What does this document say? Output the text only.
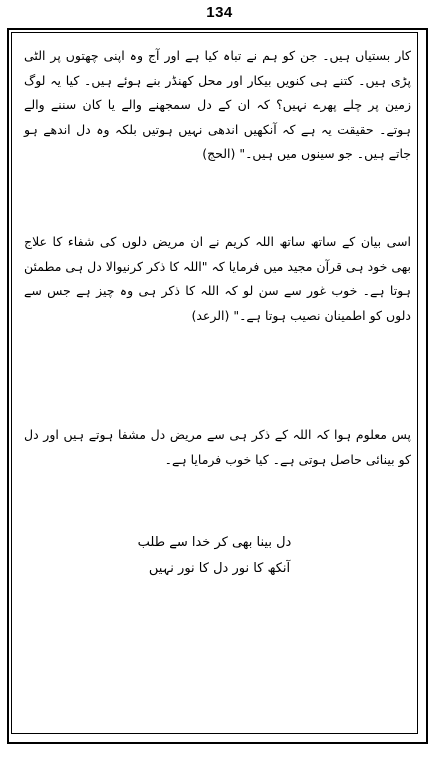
134

کار بستیاں ہیں۔ جن کو ہم نے تباہ کیا ہے اور آج وہ اپنی چھتوں پر الٹی پڑی ہیں۔ کتنے ہی کنویں بیکار اور محل کھنڈر بنے ہوئے ہیں۔ کیا یہ لوگ زمین پر چلے پھرے نہیں؟ کہ ان کے دل سمجھنے والے یا کان سننے والے ہوتے۔ حقیقت یہ ہے کہ آنکھیں اندھی نہیں ہوتیں بلکہ وہ دل اندھے ہو جاتے ہیں۔ جو سینوں میں ہیں۔" (الحج)

اسی بیان کے ساتھ ساتھ اللہ کریم نے ان مریض دلوں کی شفاء کا علاج بھی خود ہی قرآن مجید میں فرمایا کہ "اللہ کا ذکر کرنیوالا دل ہی مطمئن ہوتا ہے۔ خوب غور سے سن لو کہ اللہ کا ذکر ہی وہ چیز ہے جس سے دلوں کو اطمینان نصیب ہوتا ہے۔" (الرعد)

پس معلوم ہوا کہ اللہ کے ذکر ہی سے مریض دل مشفا ہوتے ہیں اور دل کو بینائی حاصل ہوتی ہے۔ کیا خوب فرمایا ہے۔

دل بینا بھی کر خدا سے طلب
آنکھ کا نور دل کا نور نہیں
